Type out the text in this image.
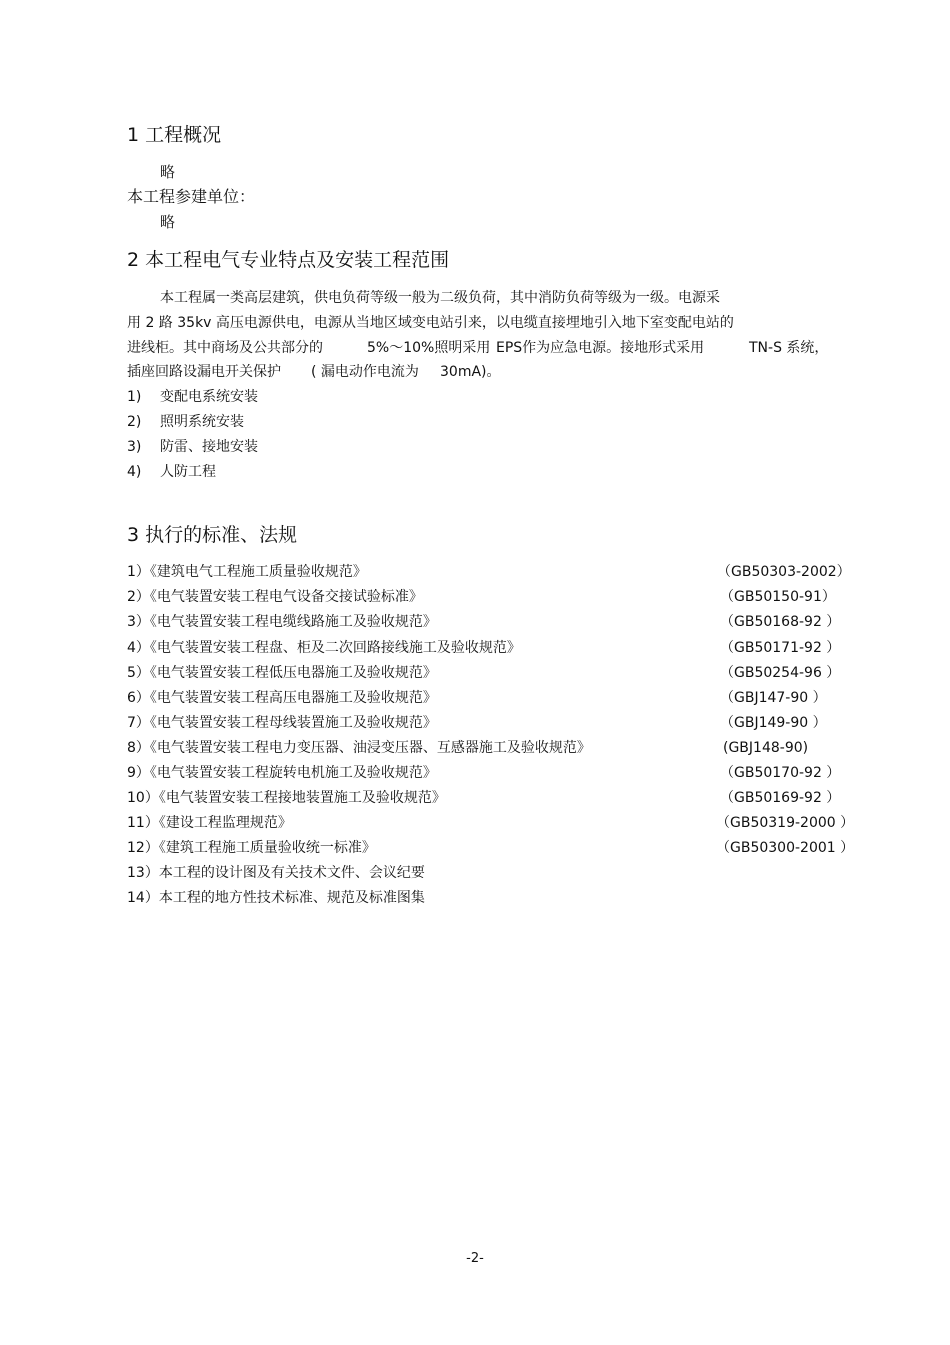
1 工程概况
略
本工程参建单位：
略
2 本工程电气专业特点及安装工程范围
本工程属一类高层建筑，供电负荷等级一般为二级负荷，其中消防负荷等级为一级。电源采
用 2 路 35kv 高压电源供电，电源从当地区域变电站引来，以电缆直接埋地引入地下室变配电站的
进线柜。其中商场及公共部分的	5%～10%照明采用 EPS作为应急电源。接地形式采用	TN-S 系统，
插座回路设漏电开关保护 ( 漏电动作电流为 30mA)。
1) 变配电系统安装
2) 照明系统安装
3) 防雷、接地安装
4) 人防工程
3 执行的标准、法规
1）《建筑电气工程施工质量验收规范》	（GB50303-2002）
2）《电气装置安装工程电气设备交接试验标准》	（GB50150-91）
3）《电气装置安装工程电缆线路施工及验收规范》	（GB50168-92 ）
4）《电气装置安装工程盘、柜及二次回路接线施工及验收规范》	（GB50171-92 ）
5）《电气装置安装工程低压电器施工及验收规范》	（GB50254-96 ）
6）《电气装置安装工程高压电器施工及验收规范》	（GBJ147-90 ）
7）《电气装置安装工程母线装置施工及验收规范》	（GBJ149-90 ）
8）《电气装置安装工程电力变压器、油浸变压器、互感器施工及验收规范》	(GBJ148-90)
9）《电气装置安装工程旋转电机施工及验收规范》	（GB50170-92 ）
10）《电气装置安装工程接地装置施工及验收规范》	（GB50169-92 ）
11）《建设工程监理规范》	（GB50319-2000 ）
12）《建筑工程施工质量验收统一标准》	（GB50300-2001 ）
13）本工程的设计图及有关技术文件、会议纪要
14）本工程的地方性技术标准、规范及标准图集
-2-
